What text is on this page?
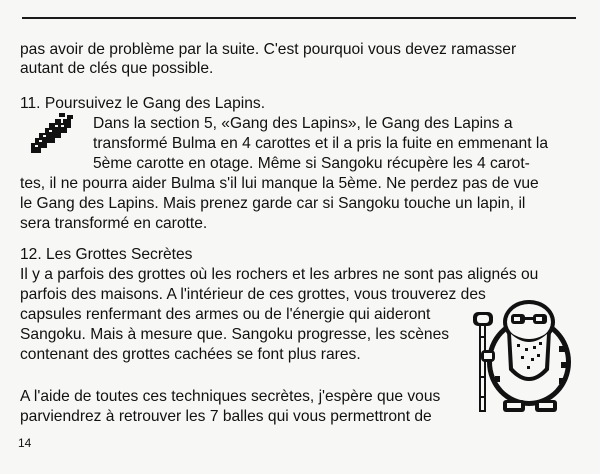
pas avoir de problème par la suite. C'est pourquoi vous devez ramasser
autant de clés que possible.
11. Poursuivez le Gang des Lapins.
Dans la section 5, «Gang des Lapins», le Gang des Lapins a
transformé Bulma en 4 carottes et il a pris la fuite en emmenant la
5ème carotte en otage. Même si Sangoku récupère les 4 carot-
tes, il ne pourra aider Bulma s'il lui manque la 5ème. Ne perdez pas de vue
le Gang des Lapins. Mais prenez garde car si Sangoku touche un lapin, il
sera transformé en carotte.
12. Les Grottes Secrètes
Il y a parfois des grottes où les rochers et les arbres ne sont pas alignés ou
parfois des maisons. A l'intérieur de ces grottes, vous trouverez des
capsules renfermant des armes ou de l'énergie qui aideront
Sangoku. Mais à mesure que. Sangoku progresse, les scènes
contenant des grottes cachées se font plus rares.
A l'aide de toutes ces techniques secrètes, j'espère que vous
parviendrez à retrouver les 7 balles qui vous permettront de
14
